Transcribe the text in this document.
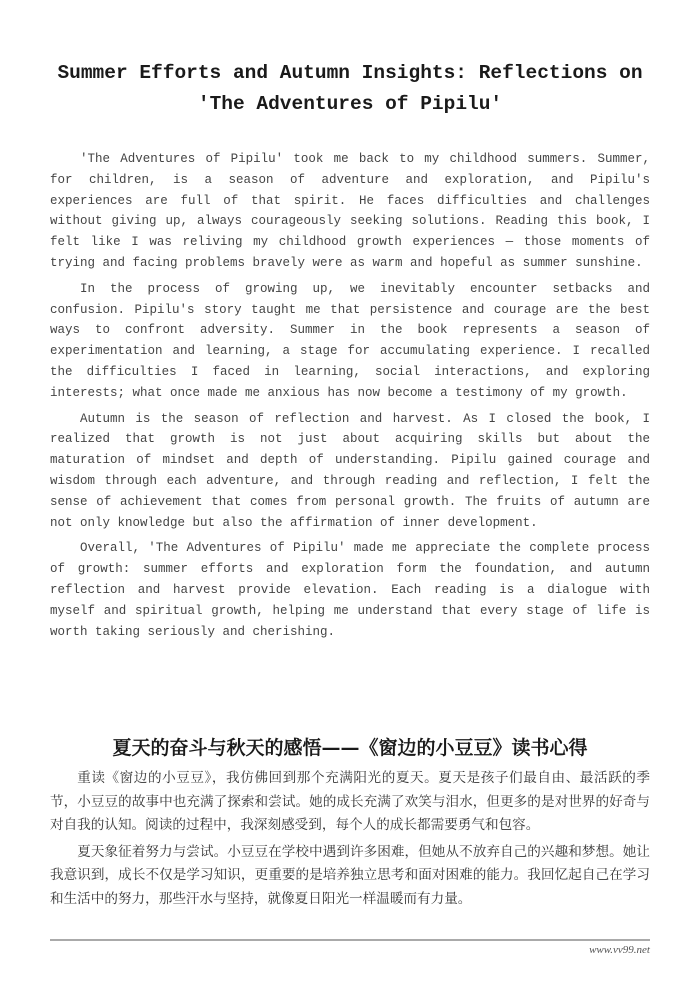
Summer Efforts and Autumn Insights: Reflections on 'The Adventures of Pipilu'

'The Adventures of Pipilu' took me back to my childhood summers. Summer, for children, is a season of adventure and exploration, and Pipilu's experiences are full of that spirit. He faces difficulties and challenges without giving up, always courageously seeking solutions. Reading this book, I felt like I was reliving my childhood growth experiences — those moments of trying and facing problems bravely were as warm and hopeful as summer sunshine.

In the process of growing up, we inevitably encounter setbacks and confusion. Pipilu's story taught me that persistence and courage are the best ways to confront adversity. Summer in the book represents a season of experimentation and learning, a stage for accumulating experience. I recalled the difficulties I faced in learning, social interactions, and exploring interests; what once made me anxious has now become a testimony of my growth.

Autumn is the season of reflection and harvest. As I closed the book, I realized that growth is not just about acquiring skills but about the maturation of mindset and depth of understanding. Pipilu gained courage and wisdom through each adventure, and through reading and reflection, I felt the sense of achievement that comes from personal growth. The fruits of autumn are not only knowledge but also the affirmation of inner development.

Overall, 'The Adventures of Pipilu' made me appreciate the complete process of growth: summer efforts and exploration form the foundation, and autumn reflection and harvest provide elevation. Each reading is a dialogue with myself and spiritual growth, helping me understand that every stage of life is worth taking seriously and cherishing.

夏天的奋斗与秋天的感悟——《窗边的小豆豆》读书心得

重读《窗边的小豆豆》，我仿佛回到那个充满阳光的夏天。夏天是孩子们最自由、最活跃的季节，小豆豆的故事中也充满了探索和尝试。她的成长充满了欢笑与泪水，但更多的是对世界的好奇与对自我的认知。阅读的过程中，我深刻感受到，每个人的成长都需要勇气和包容。

夏天象征着努力与尝试。小豆豆在学校中遇到许多困难，但她从不放弃自己的兴趣和梦想。她让我意识到，成长不仅是学习知识，更重要的是培养独立思考和面对困难的能力。我回忆起自己在学习和生活中的努力，那些汗水与坚持，就像夏日阳光一样温暖而有力量。

www.vv99.net
